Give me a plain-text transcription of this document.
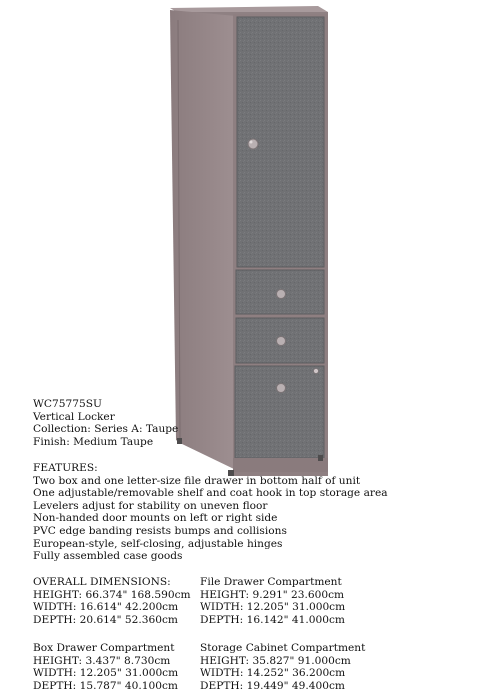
WC75775SU
Vertical Locker
Collection: Series A: Taupe
Finish: Medium Taupe
FEATURES:
Two box and one letter-size file drawer in bottom half of unit
One adjustable/removable shelf and coat hook in top storage area
Levelers adjust for stability on uneven floor
Non-handed door mounts on left or right side
PVC edge banding resists bumps and collisions
European-style, self-closing, adjustable hinges
Fully assembled case goods
OVERALL DIMENSIONS:
HEIGHT: 66.374" 168.590cm
WIDTH: 16.614" 42.200cm
DEPTH: 20.614" 52.360cm
File Drawer Compartment
HEIGHT: 9.291" 23.600cm
WIDTH: 12.205" 31.000cm
DEPTH: 16.142" 41.000cm
Box Drawer Compartment
HEIGHT: 3.437" 8.730cm
WIDTH: 12.205" 31.000cm
DEPTH: 15.787" 40.100cm
Storage Cabinet Compartment
HEIGHT: 35.827" 91.000cm
WIDTH: 14.252" 36.200cm
DEPTH: 19.449" 49.400cm
